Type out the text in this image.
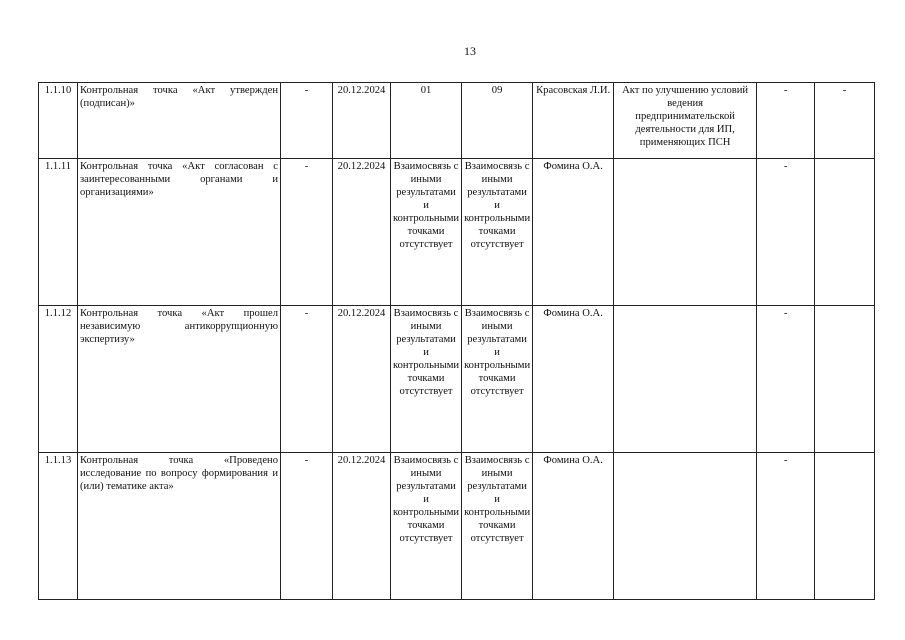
13
1.1.10	Контрольная точка «Акт утвержден (подписан)»	-	20.12.2024	01	09	Красовская Л.И.	Акт по улучшению условий ведения предпринимательской деятельности для ИП, применяющих ПСН	-	-
1.1.11	Контрольная точка «Акт согласован с заинтересованными органами и организациями»	-	20.12.2024	Взаимосвязь с иными результатами и контрольными точками отсутствует	Взаимосвязь с иными результатами и контрольными точками отсутствует	Фомина О.А.		-	
1.1.12	Контрольная точка «Акт прошел независимую антикоррупционную экспертизу»	-	20.12.2024	Взаимосвязь с иными результатами и контрольными точками отсутствует	Взаимосвязь с иными результатами и контрольными точками отсутствует	Фомина О.А.		-	
1.1.13	Контрольная точка «Проведено исследование по вопросу формирования и (или) тематике акта»	-	20.12.2024	Взаимосвязь с иными результатами и контрольными точками отсутствует	Взаимосвязь с иными результатами и контрольными точками отсутствует	Фомина О.А.		-	
